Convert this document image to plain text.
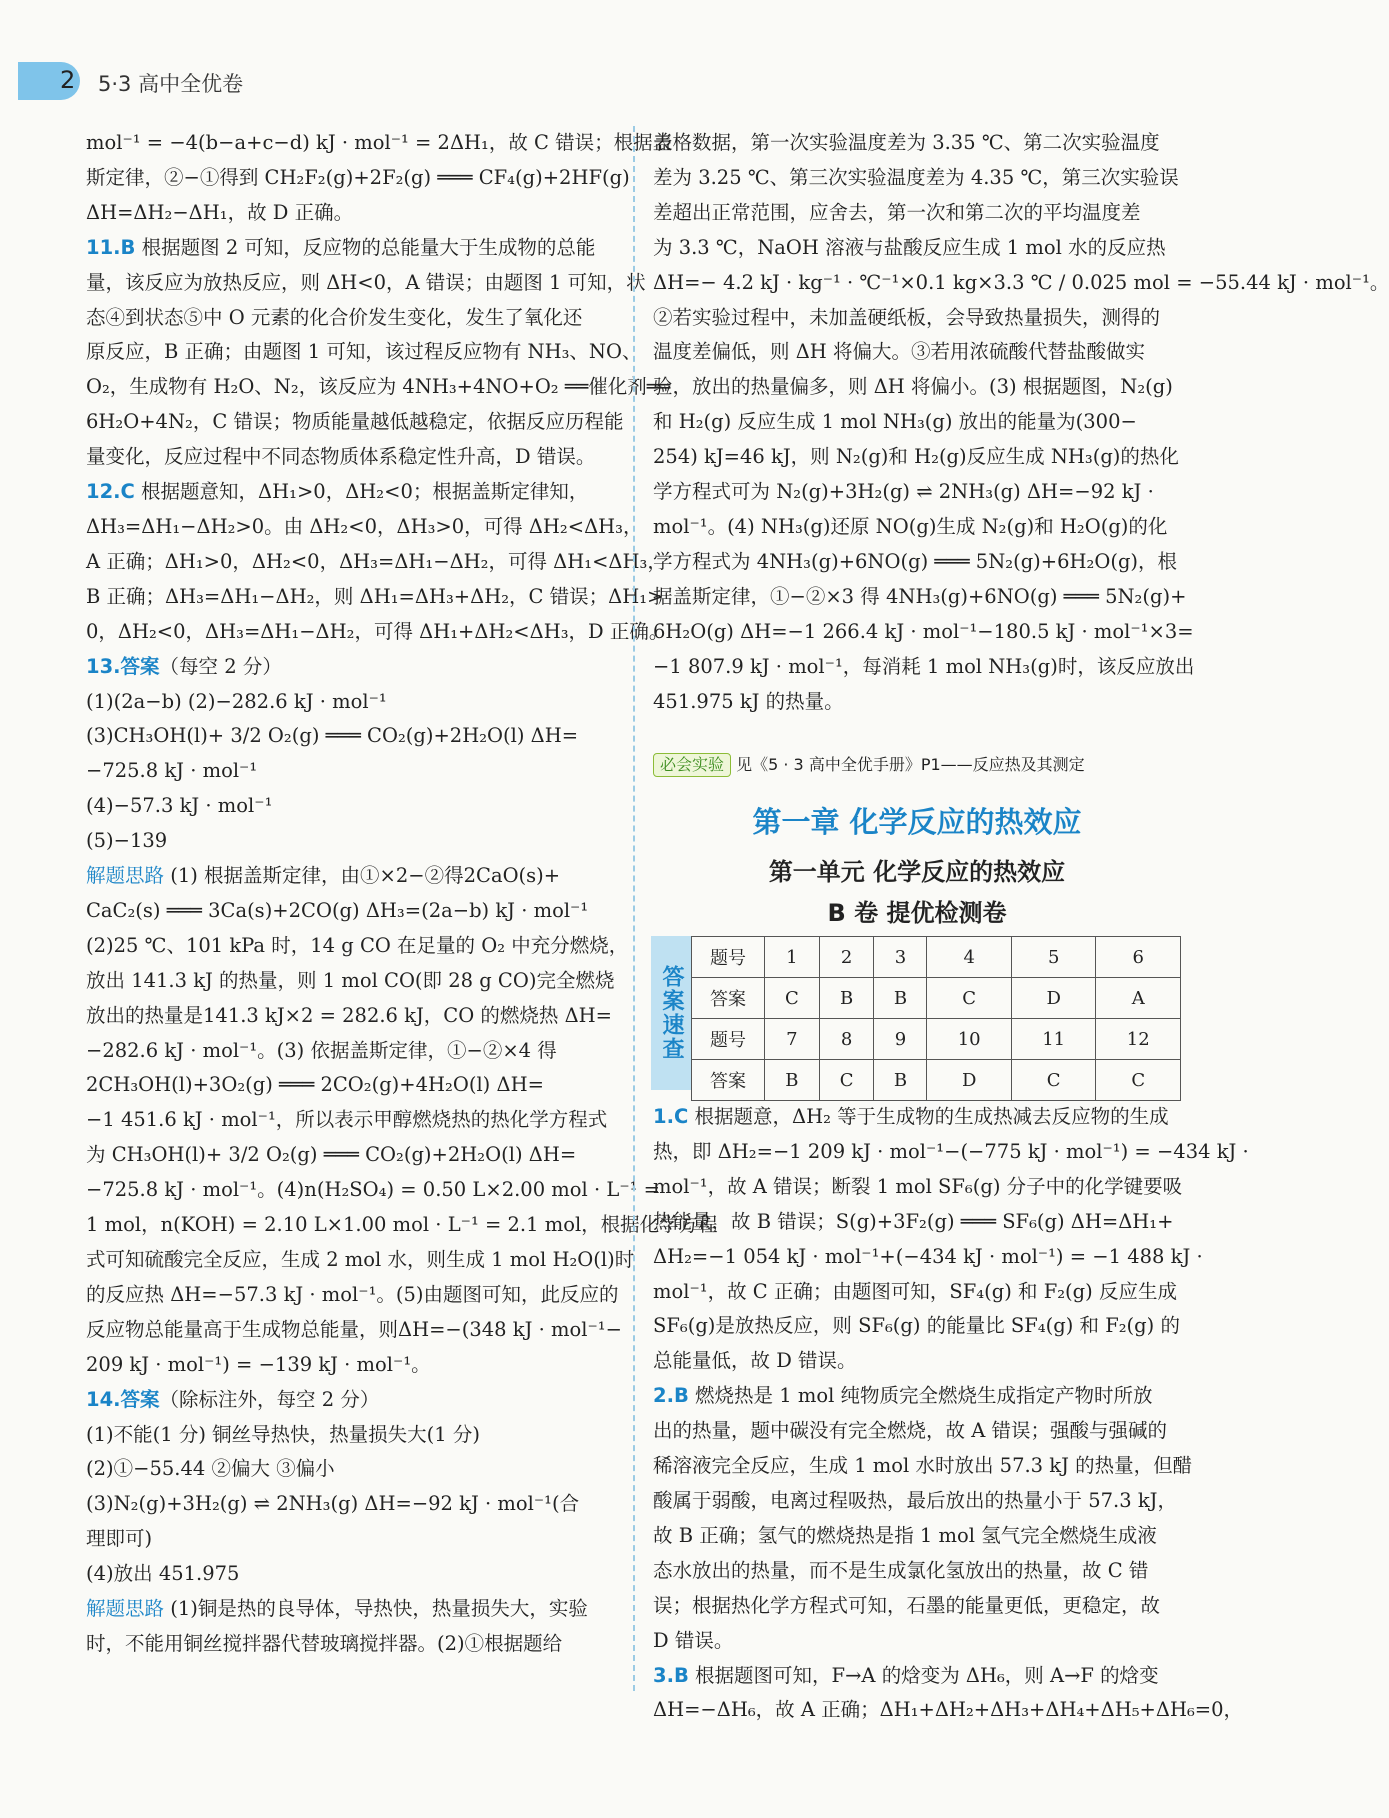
2 5·3 高中全优卷

mol⁻¹ = −4(b−a+c−d) kJ · mol⁻¹ = 2ΔH₁，故 C 错误；根据盖

斯定律，②−①得到 CH₂F₂(g)+2F₂(g) ═══ CF₄(g)+2HF(g)

ΔH=ΔH₂−ΔH₁，故 D 正确。

11.B 根据题图 2 可知，反应物的总能量大于生成物的总能

量，该反应为放热反应，则 ΔH<0，A 错误；由题图 1 可知，状

态④到状态⑤中 O 元素的化合价发生变化，发生了氧化还

原反应，B 正确；由题图 1 可知，该过程反应物有 NH₃、NO、

O₂，生成物有 H₂O、N₂，该反应为 4NH₃+4NO+O₂ ══催化剂══

6H₂O+4N₂，C 错误；物质能量越低越稳定，依据反应历程能

量变化，反应过程中不同态物质体系稳定性升高，D 错误。

12.C 根据题意知，ΔH₁>0，ΔH₂<0；根据盖斯定律知，

ΔH₃=ΔH₁−ΔH₂>0。由 ΔH₂<0，ΔH₃>0，可得 ΔH₂<ΔH₃，

A 正确；ΔH₁>0，ΔH₂<0，ΔH₃=ΔH₁−ΔH₂，可得 ΔH₁<ΔH₃，

B 正确；ΔH₃=ΔH₁−ΔH₂，则 ΔH₁=ΔH₃+ΔH₂，C 错误；ΔH₁>

0，ΔH₂<0，ΔH₃=ΔH₁−ΔH₂，可得 ΔH₁+ΔH₂<ΔH₃，D 正确。

13.答案（每空 2 分）

(1)(2a−b) (2)−282.6 kJ · mol⁻¹

(3)CH₃OH(l)+ 3/2 O₂(g) ═══ CO₂(g)+2H₂O(l) ΔH=

−725.8 kJ · mol⁻¹

(4)−57.3 kJ · mol⁻¹

(5)−139

解题思路 (1) 根据盖斯定律，由①×2−②得2CaO(s)+

CaC₂(s) ═══ 3Ca(s)+2CO(g) ΔH₃=(2a−b) kJ · mol⁻¹

(2)25 ℃、101 kPa 时，14 g CO 在足量的 O₂ 中充分燃烧，

放出 141.3 kJ 的热量，则 1 mol CO(即 28 g CO)完全燃烧

放出的热量是141.3 kJ×2 = 282.6 kJ，CO 的燃烧热 ΔH=

−282.6 kJ · mol⁻¹。(3) 依据盖斯定律，①−②×4 得

2CH₃OH(l)+3O₂(g) ═══ 2CO₂(g)+4H₂O(l) ΔH=

−1 451.6 kJ · mol⁻¹，所以表示甲醇燃烧热的热化学方程式

为 CH₃OH(l)+ 3/2 O₂(g) ═══ CO₂(g)+2H₂O(l) ΔH=

−725.8 kJ · mol⁻¹。(4)n(H₂SO₄) = 0.50 L×2.00 mol · L⁻¹ =

1 mol，n(KOH) = 2.10 L×1.00 mol · L⁻¹ = 2.1 mol，根据化学方程

式可知硫酸完全反应，生成 2 mol 水，则生成 1 mol H₂O(l)时

的反应热 ΔH=−57.3 kJ · mol⁻¹。(5)由题图可知，此反应的

反应物总能量高于生成物总能量，则ΔH=−(348 kJ · mol⁻¹−

209 kJ · mol⁻¹) = −139 kJ · mol⁻¹。

14.答案（除标注外，每空 2 分）

(1)不能(1 分) 铜丝导热快，热量损失大(1 分)

(2)①−55.44 ②偏大 ③偏小

(3)N₂(g)+3H₂(g) ⇌ 2NH₃(g) ΔH=−92 kJ · mol⁻¹(合

理即可)

(4)放出 451.975

解题思路 (1)铜是热的良导体，导热快，热量损失大，实验

时，不能用铜丝搅拌器代替玻璃搅拌器。(2)①根据题给

表格数据，第一次实验温度差为 3.35 ℃、第二次实验温度

差为 3.25 ℃、第三次实验温度差为 4.35 ℃，第三次实验误

差超出正常范围，应舍去，第一次和第二次的平均温度差

为 3.3 ℃，NaOH 溶液与盐酸反应生成 1 mol 水的反应热

ΔH=− 4.2 kJ · kg⁻¹ · ℃⁻¹×0.1 kg×3.3 ℃ / 0.025 mol = −55.44 kJ · mol⁻¹。

②若实验过程中，未加盖硬纸板，会导致热量损失，测得的

温度差偏低，则 ΔH 将偏大。③若用浓硫酸代替盐酸做实

验，放出的热量偏多，则 ΔH 将偏小。(3) 根据题图，N₂(g)

和 H₂(g) 反应生成 1 mol NH₃(g) 放出的能量为(300−

254) kJ=46 kJ，则 N₂(g)和 H₂(g)反应生成 NH₃(g)的热化

学方程式可为 N₂(g)+3H₂(g) ⇌ 2NH₃(g) ΔH=−92 kJ ·

mol⁻¹。(4) NH₃(g)还原 NO(g)生成 N₂(g)和 H₂O(g)的化

学方程式为 4NH₃(g)+6NO(g) ═══ 5N₂(g)+6H₂O(g)，根

据盖斯定律，①−②×3 得 4NH₃(g)+6NO(g) ═══ 5N₂(g)+

6H₂O(g) ΔH=−1 266.4 kJ · mol⁻¹−180.5 kJ · mol⁻¹×3=

−1 807.9 kJ · mol⁻¹，每消耗 1 mol NH₃(g)时，该反应放出

451.975 kJ 的热量。

必会实验 见《5 · 3 高中全优手册》P1——反应热及其测定
第一章 化学反应的热效应
第一单元 化学反应的热效应
B 卷 提优检测卷
答案速查
题号	1	2	3	4	5	6
答案	C	B	B	C	D	A
题号	7	8	9	10	11	12
答案	B	C	B	D	C	C

1.C 根据题意，ΔH₂ 等于生成物的生成热减去反应物的生成

热，即 ΔH₂=−1 209 kJ · mol⁻¹−(−775 kJ · mol⁻¹) = −434 kJ ·

mol⁻¹，故 A 错误；断裂 1 mol SF₆(g) 分子中的化学键要吸

热能量，故 B 错误；S(g)+3F₂(g) ═══ SF₆(g) ΔH=ΔH₁+

ΔH₂=−1 054 kJ · mol⁻¹+(−434 kJ · mol⁻¹) = −1 488 kJ ·

mol⁻¹，故 C 正确；由题图可知，SF₄(g) 和 F₂(g) 反应生成

SF₆(g)是放热反应，则 SF₆(g) 的能量比 SF₄(g) 和 F₂(g) 的

总能量低，故 D 错误。

2.B 燃烧热是 1 mol 纯物质完全燃烧生成指定产物时所放

出的热量，题中碳没有完全燃烧，故 A 错误；强酸与强碱的

稀溶液完全反应，生成 1 mol 水时放出 57.3 kJ 的热量，但醋

酸属于弱酸，电离过程吸热，最后放出的热量小于 57.3 kJ，

故 B 正确；氢气的燃烧热是指 1 mol 氢气完全燃烧生成液

态水放出的热量，而不是生成氯化氢放出的热量，故 C 错

误；根据热化学方程式可知，石墨的能量更低，更稳定，故

D 错误。

3.B 根据题图可知，F→A 的焓变为 ΔH₆，则 A→F 的焓变

ΔH=−ΔH₆，故 A 正确；ΔH₁+ΔH₂+ΔH₃+ΔH₄+ΔH₅+ΔH₆=0，
